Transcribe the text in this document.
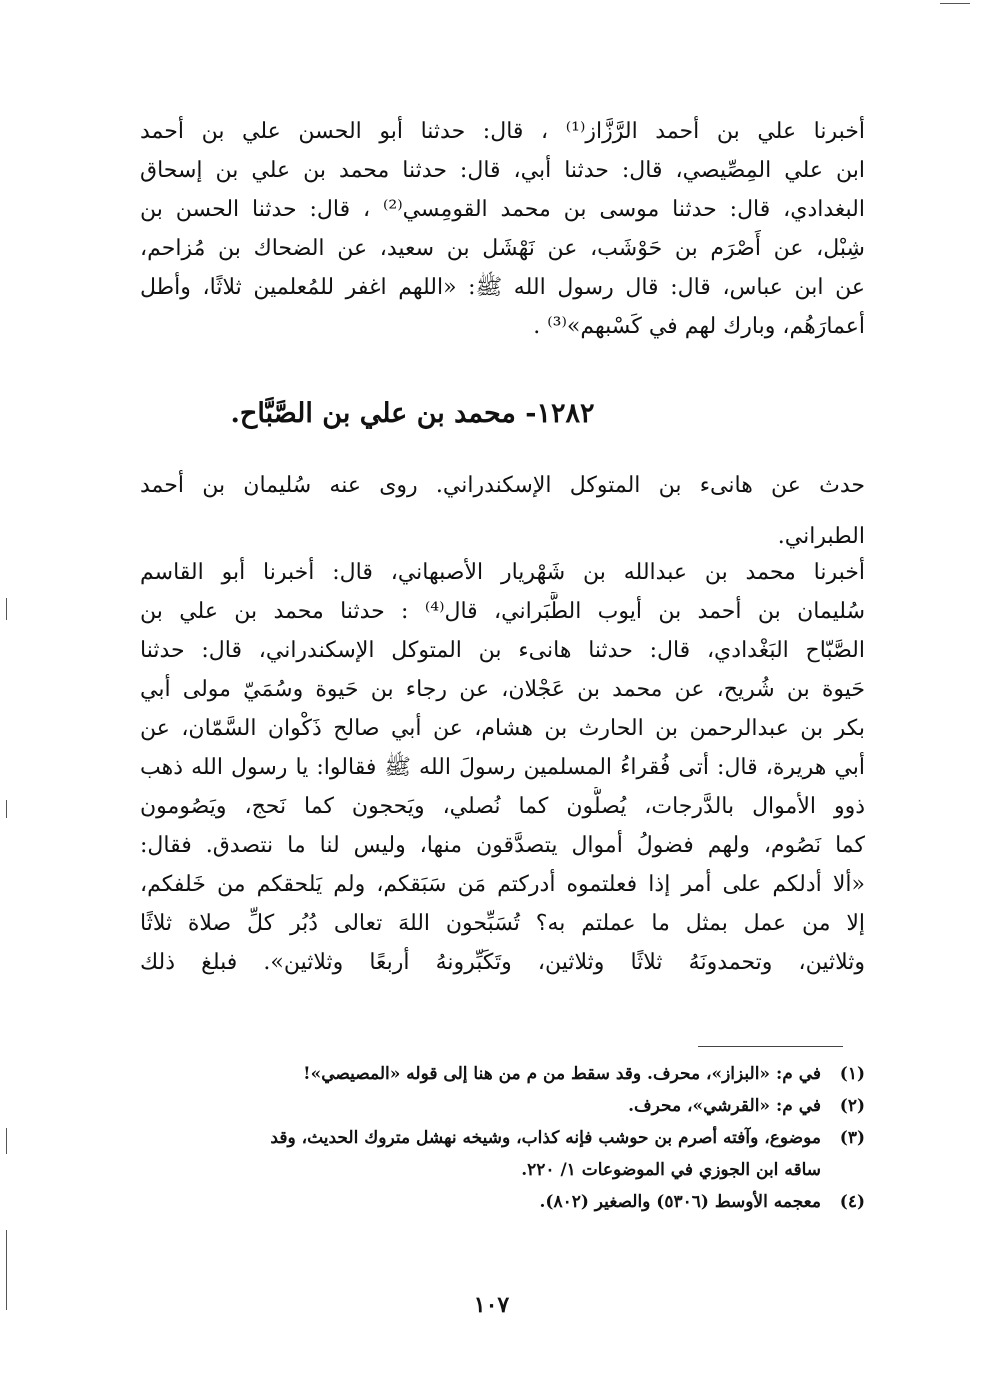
أخبرنا علي بن أحمد الرَّزَّاز⁽¹⁾ ، قال: حدثنا أبو الحسن علي بن أحمد
ابن علي المِصِّيصي، قال: حدثنا أبي، قال: حدثنا محمد بن علي بن إسحاق
البغدادي، قال: حدثنا موسى بن محمد القومِسي⁽²⁾ ، قال: حدثنا الحسن بن
شِبْل، عن أَصْرَم بن حَوْشَب، عن نَهْشَل بن سعيد، عن الضحاك بن مُزاحم،
عن ابن عباس، قال: قال رسول الله ﷺ: «اللهم اغفر للمُعلمين ثلاثًا، وأطل
أعمارَهُم، وبارك لهم في كَسْبهم»⁽³⁾ .
١٢٨٢- محمد بن علي بن الصَّبَّاح.
حدث عن هانىء بن المتوكل الإسكندراني. روى عنه سُليمان بن أحمد
الطبراني.
أخبرنا محمد بن عبدالله بن شَهْريار الأصبهاني، قال: أخبرنا أبو القاسم
سُليمان بن أحمد بن أيوب الطَّبَراني، قال⁽⁴⁾ : حدثنا محمد بن علي بن
الصَّبّاح البَغْدادي، قال: حدثنا هانىء بن المتوكل الإسكندراني، قال: حدثنا
حَيوة بن شُريح، عن محمد بن عَجْلان، عن رجاء بن حَيوة وسُمَيّ مولى أبي
بكر بن عبدالرحمن بن الحارث بن هشام، عن أبي صالح ذَكْوان السَّمّان، عن
أبي هريرة، قال: أتى فُقراءُ المسلمين رسولَ الله ﷺ فقالوا: يا رسول الله ذهب
ذوو الأموال بالدَّرجات، يُصلُّون كما نُصلي، ويَحجون كما نَحج، ويَصُومون
كما نَصُوم، ولهم فضولُ أموال يتصدَّقون منها، وليس لنا ما نتصدق. فقال:
«ألا أدلكم على أمر إذا فعلتموه أدركتم مَن سَبَقكم، ولم يَلحقكم من خَلفكم،
إلا من عمل بمثل ما عملتم به؟ تُسَبِّحون اللهَ تعالى دُبُر كلِّ صلاة ثلاثًا
وثلاثين، وتحمدونَهُ ثلاثًا وثلاثين، وتَكَبِّرونهُ أربعًا وثلاثين». فبلغ ذلك
(١)
في م: «البزاز»، محرف. وقد سقط من م من هنا إلى قوله «المصيصي»!
(٢)
في م: «القرشي»، محرف.
(٣)
موضوع، وآفته أصرم بن حوشب فإنه كذاب، وشيخه نهشل متروك الحديث، وقد
ساقه ابن الجوزي في الموضوعات ١/ ٢٢٠.
(٤)
معجمه الأوسط (٥٣٠٦) والصغير (٨٠٢).
١٠٧
